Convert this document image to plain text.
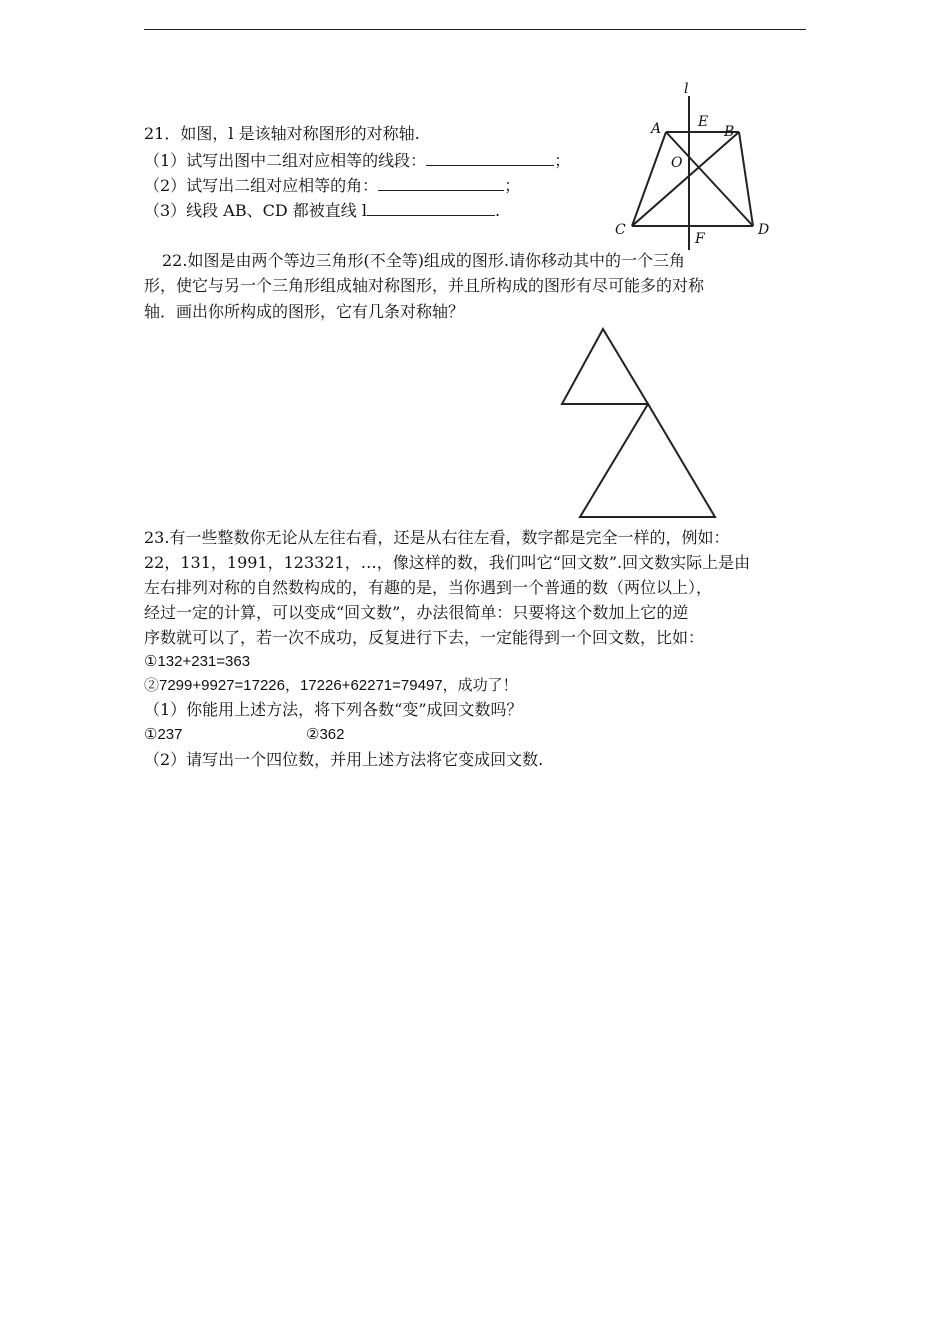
21．如图，l 是该轴对称图形的对称轴.
（1）试写出图中二组对应相等的线段：	；
（2）试写出二组对应相等的角：	；
（3）线段 AB、CD 都被直线 l	.
l
A	E
B
O
C
F
D
22.如图是由两个等边三角形(不全等)组成的图形.请你移动其中的一个三角
形，使它与另一个三角形组成轴对称图形，并且所构成的图形有尽可能多的对称
轴．画出你所构成的图形，它有几条对称轴？
23.有一些整数你无论从左往右看，还是从右往左看，数字都是完全一样的，例如：
22，131，1991，123321，…，像这样的数，我们叫它“回文数”.回文数实际上是由
左右排列对称的自然数构成的，有趣的是，当你遇到一个普通的数（两位以上），
经过一定的计算，可以变成“回文数”，办法很简单：只要将这个数加上它的逆
序数就可以了，若一次不成功，反复进行下去，一定能得到一个回文数，比如：
①132+231=363
②7299+9927=17226，17226+62271=79497，成功了！
（1）你能用上述方法，将下列各数“变”成回文数吗？
①237	②362
（2）请写出一个四位数，并用上述方法将它变成回文数.
